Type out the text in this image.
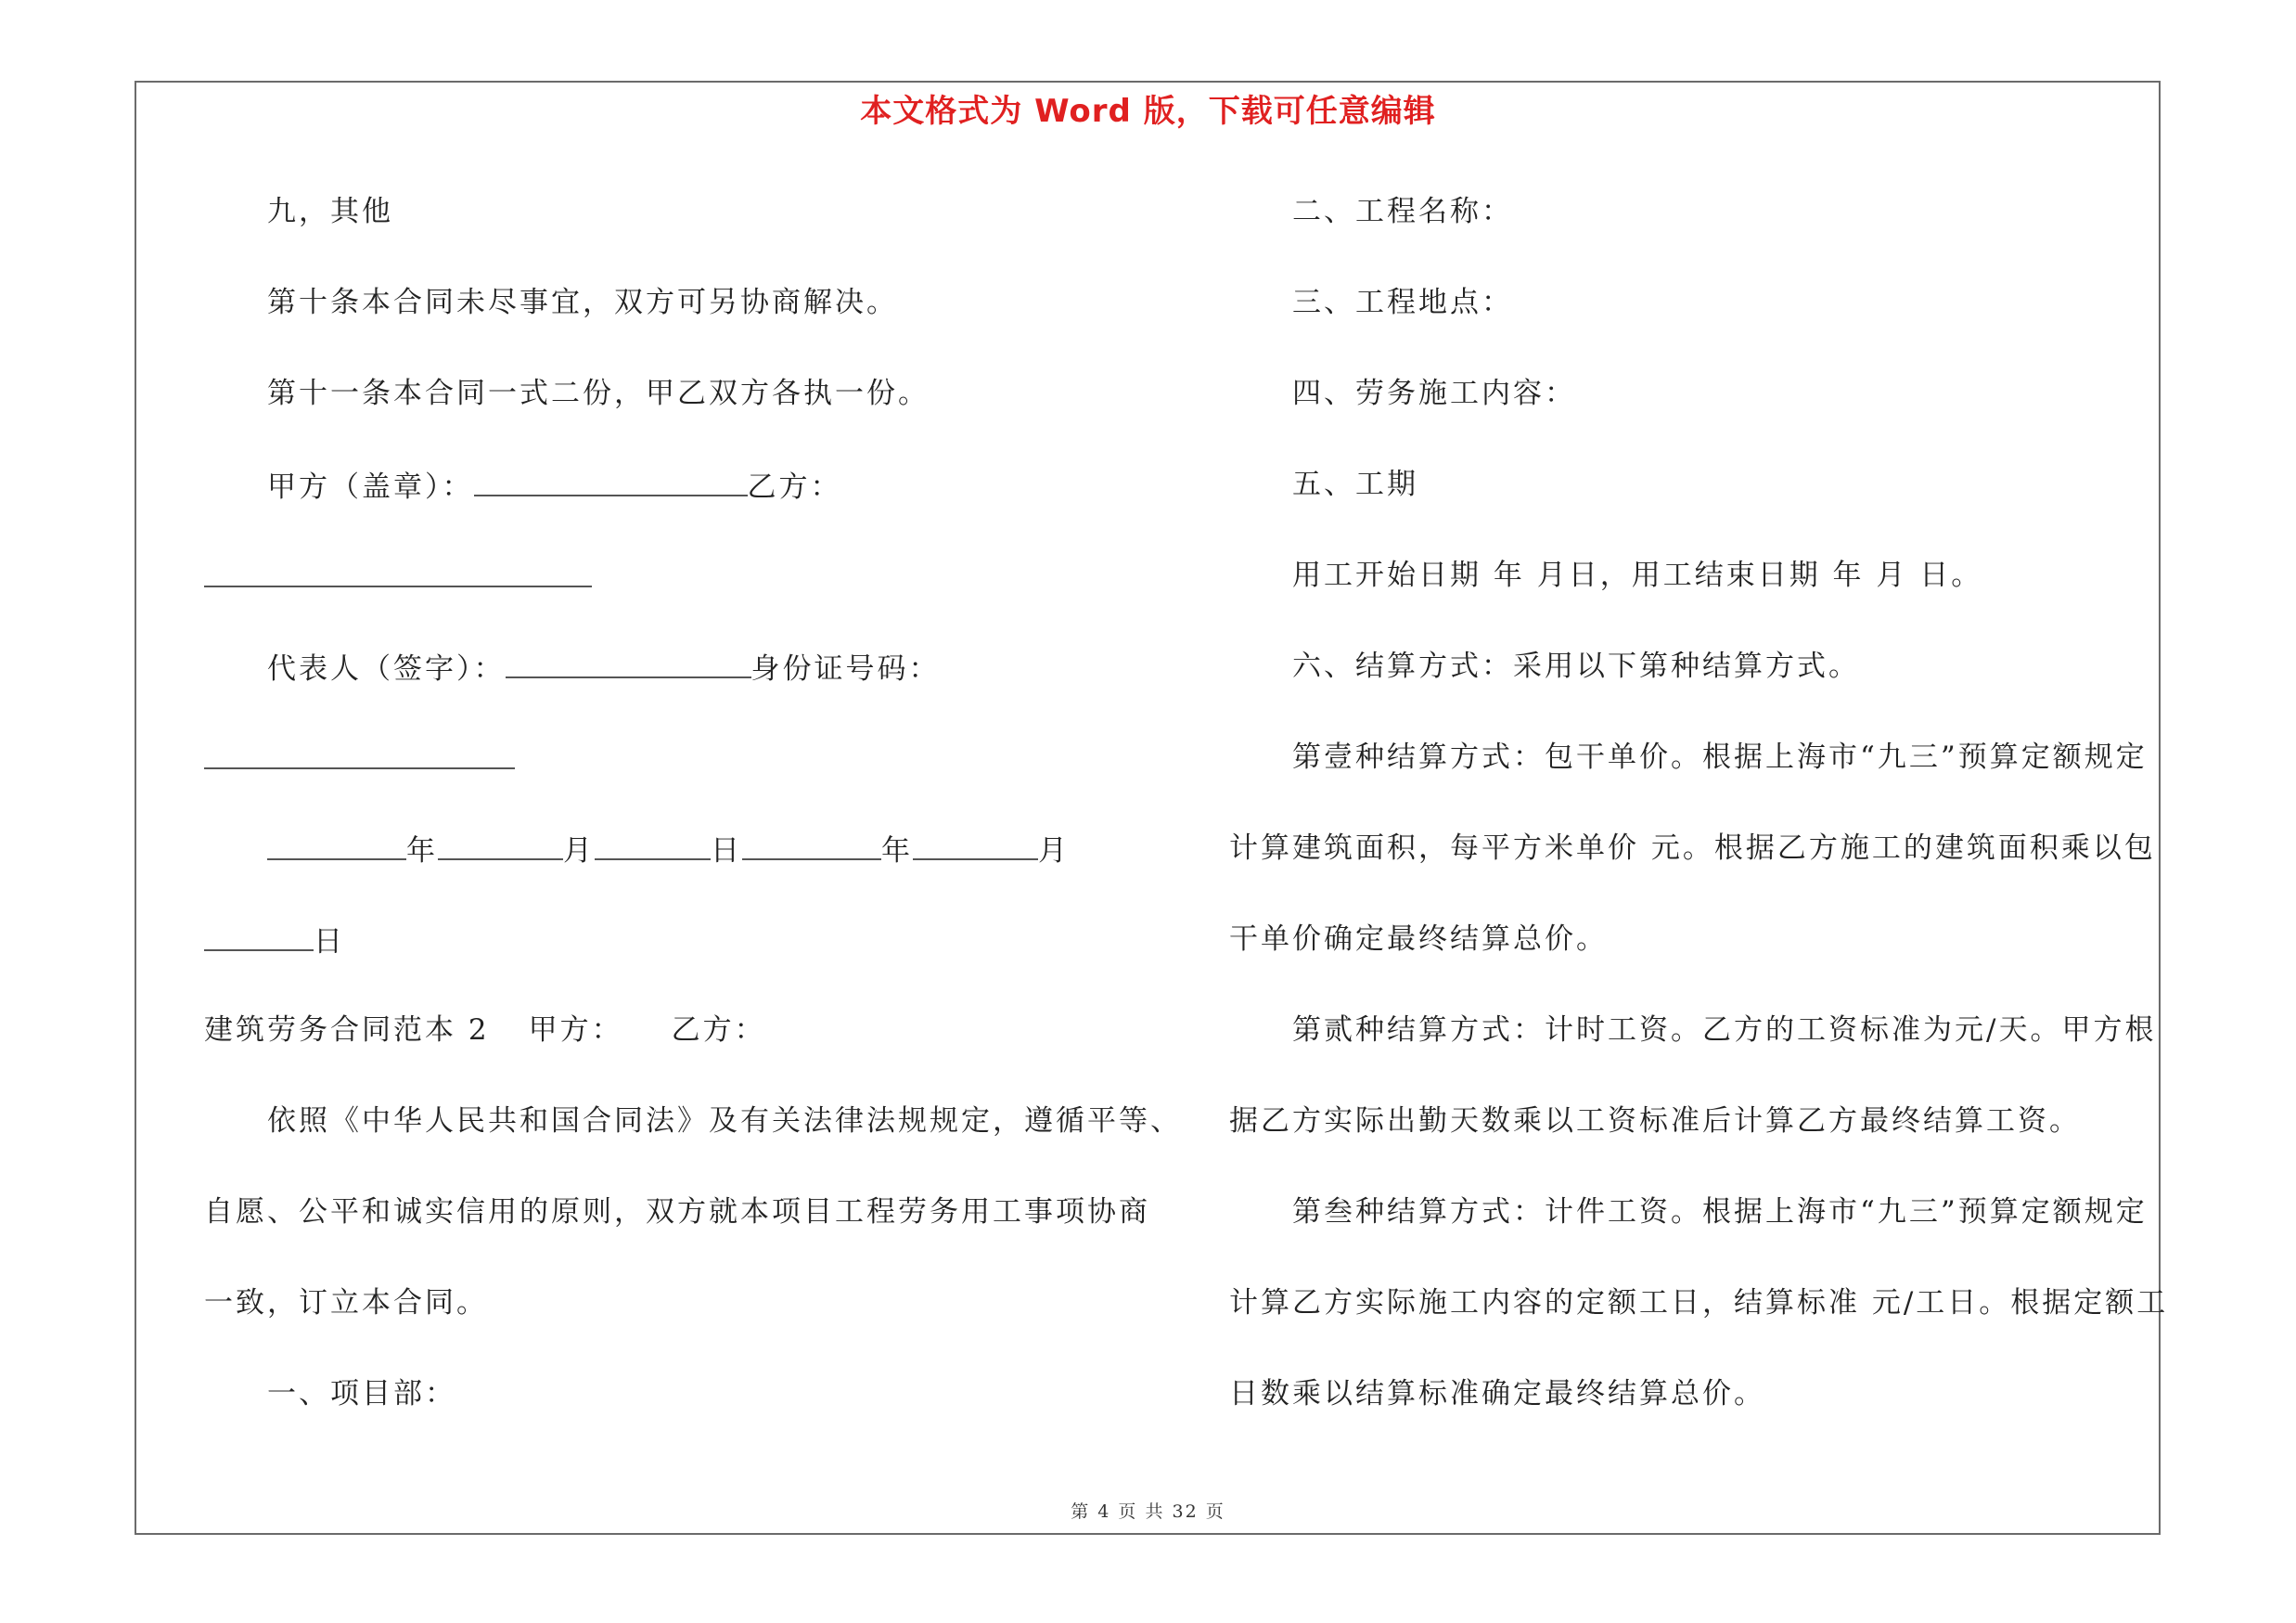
本文格式为 Word 版，下载可任意编辑
九，其他
第十条本合同未尽事宜，双方可另协商解决。
第十一条本合同一式二份，甲乙双方各执一份。
甲方（盖章）：	乙方：
代表人（签字）：	身份证号码：
年	月	日	年	月
日
建筑劳务合同范本 2 甲方： 乙方：
依照《中华人民共和国合同法》及有关法律法规规定，遵循平等、
自愿、公平和诚实信用的原则，双方就本项目工程劳务用工事项协商
一致，订立本合同。
一、项目部：
二、工程名称：
三、工程地点：
四、劳务施工内容：
五、工期
用工开始日期 年 月日，用工结束日期 年 月 日。
六、结算方式：采用以下第种结算方式。
第壹种结算方式：包干单价。根据上海市“九三”预算定额规定
计算建筑面积，每平方米单价 元。根据乙方施工的建筑面积乘以包
干单价确定最终结算总价。
第贰种结算方式：计时工资。乙方的工资标准为元/天。甲方根
据乙方实际出勤天数乘以工资标准后计算乙方最终结算工资。
第叁种结算方式：计件工资。根据上海市“九三”预算定额规定
计算乙方实际施工内容的定额工日，结算标准 元/工日。根据定额工
日数乘以结算标准确定最终结算总价。
第 4 页 共 32 页
